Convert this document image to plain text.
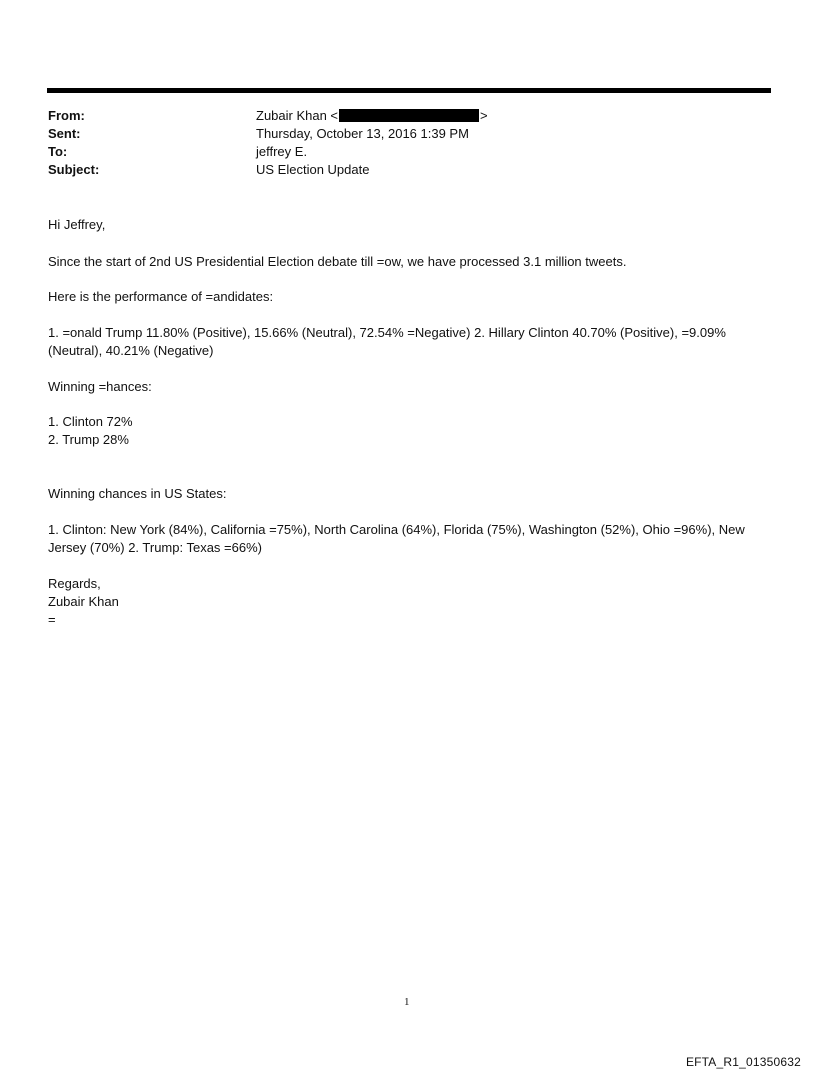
From:	Zubair Khan <	>
Sent:	Thursday, October 13, 2016 1:39 PM
To:	jeffrey E.
Subject:	US Election Update
Hi Jeffrey,
Since the start of 2nd US Presidential Election debate till =ow, we have processed 3.1 million tweets.
Here is the performance of =andidates:
1. =onald Trump 11.80% (Positive), 15.66% (Neutral), 72.54% =Negative) 2. Hillary Clinton 40.70% (Positive), =9.09%
(Neutral), 40.21% (Negative)
Winning =hances:
1. Clinton 72%
2. Trump 28%
Winning chances in US States:
1. Clinton: New York (84%), California =75%), North Carolina (64%), Florida (75%), Washington (52%), Ohio =96%), New
Jersey (70%) 2. Trump: Texas =66%)
Regards,
Zubair Khan
=
1
EFTA_R1_01350632
